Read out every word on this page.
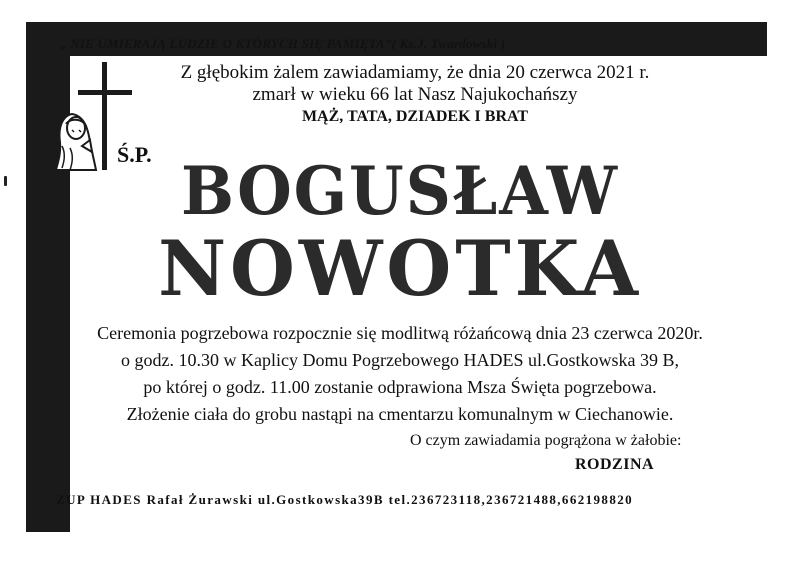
„ NIE UMIERAJĄ LUDZIE O KTÓRYCH SIĘ PAMIĘTA”( Ks.J. Twardowski )
Ś.P.
Z głębokim żalem zawiadamiamy, że dnia 20 czerwca 2021 r.
zmarł w wieku 66 lat Nasz Najukochańszy
MĄŻ, TATA, DZIADEK I BRAT
BOGUSŁAW
NOWOTKA
Ceremonia pogrzebowa rozpocznie się modlitwą różańcową dnia 23 czerwca 2020r.
o godz. 10.30 w Kaplicy Domu Pogrzebowego HADES ul.Gostkowska 39 B,
po której o godz. 11.00 zostanie odprawiona Msza Święta pogrzebowa.
Złożenie ciała do grobu nastąpi na cmentarzu komunalnym w Ciechanowie.
O czym zawiadamia pogrążona w żałobie:
RODZINA
ZUP HADES Rafał Żurawski ul.Gostkowska39B tel.236723118,236721488,662198820
